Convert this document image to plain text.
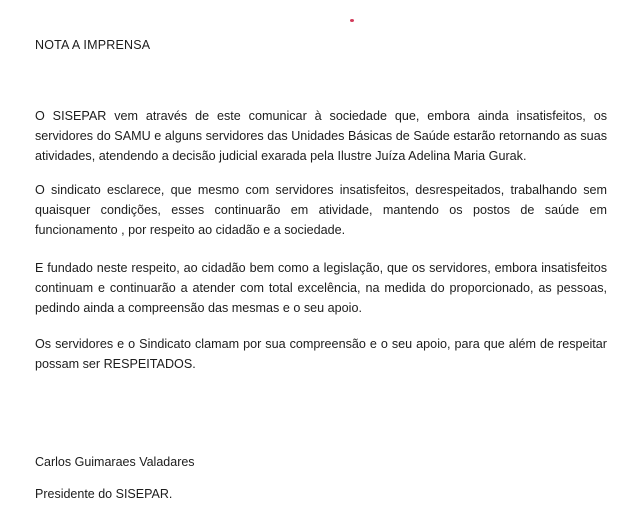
NOTA A IMPRENSA

O SISEPAR vem através de este comunicar à sociedade que, embora ainda insatisfeitos, os servidores do SAMU e alguns servidores das Unidades Básicas de Saúde estarão retornando as suas atividades, atendendo a decisão judicial exarada pela Ilustre Juíza Adelina Maria Gurak.

O sindicato esclarece, que mesmo com servidores insatisfeitos, desrespeitados, trabalhando sem quaisquer condições, esses continuarão em atividade, mantendo os postos de saúde em funcionamento , por respeito ao cidadão e a sociedade.

E fundado neste respeito, ao cidadão bem como a legislação, que os servidores, embora insatisfeitos continuam e continuarão a atender com total excelência, na medida do proporcionado, as pessoas, pedindo ainda a compreensão das mesmas e o seu apoio.

Os servidores e o Sindicato clamam por sua compreensão e o seu apoio, para que além de respeitar possam ser RESPEITADOS.

Carlos Guimaraes Valadares
Presidente do SISEPAR.
